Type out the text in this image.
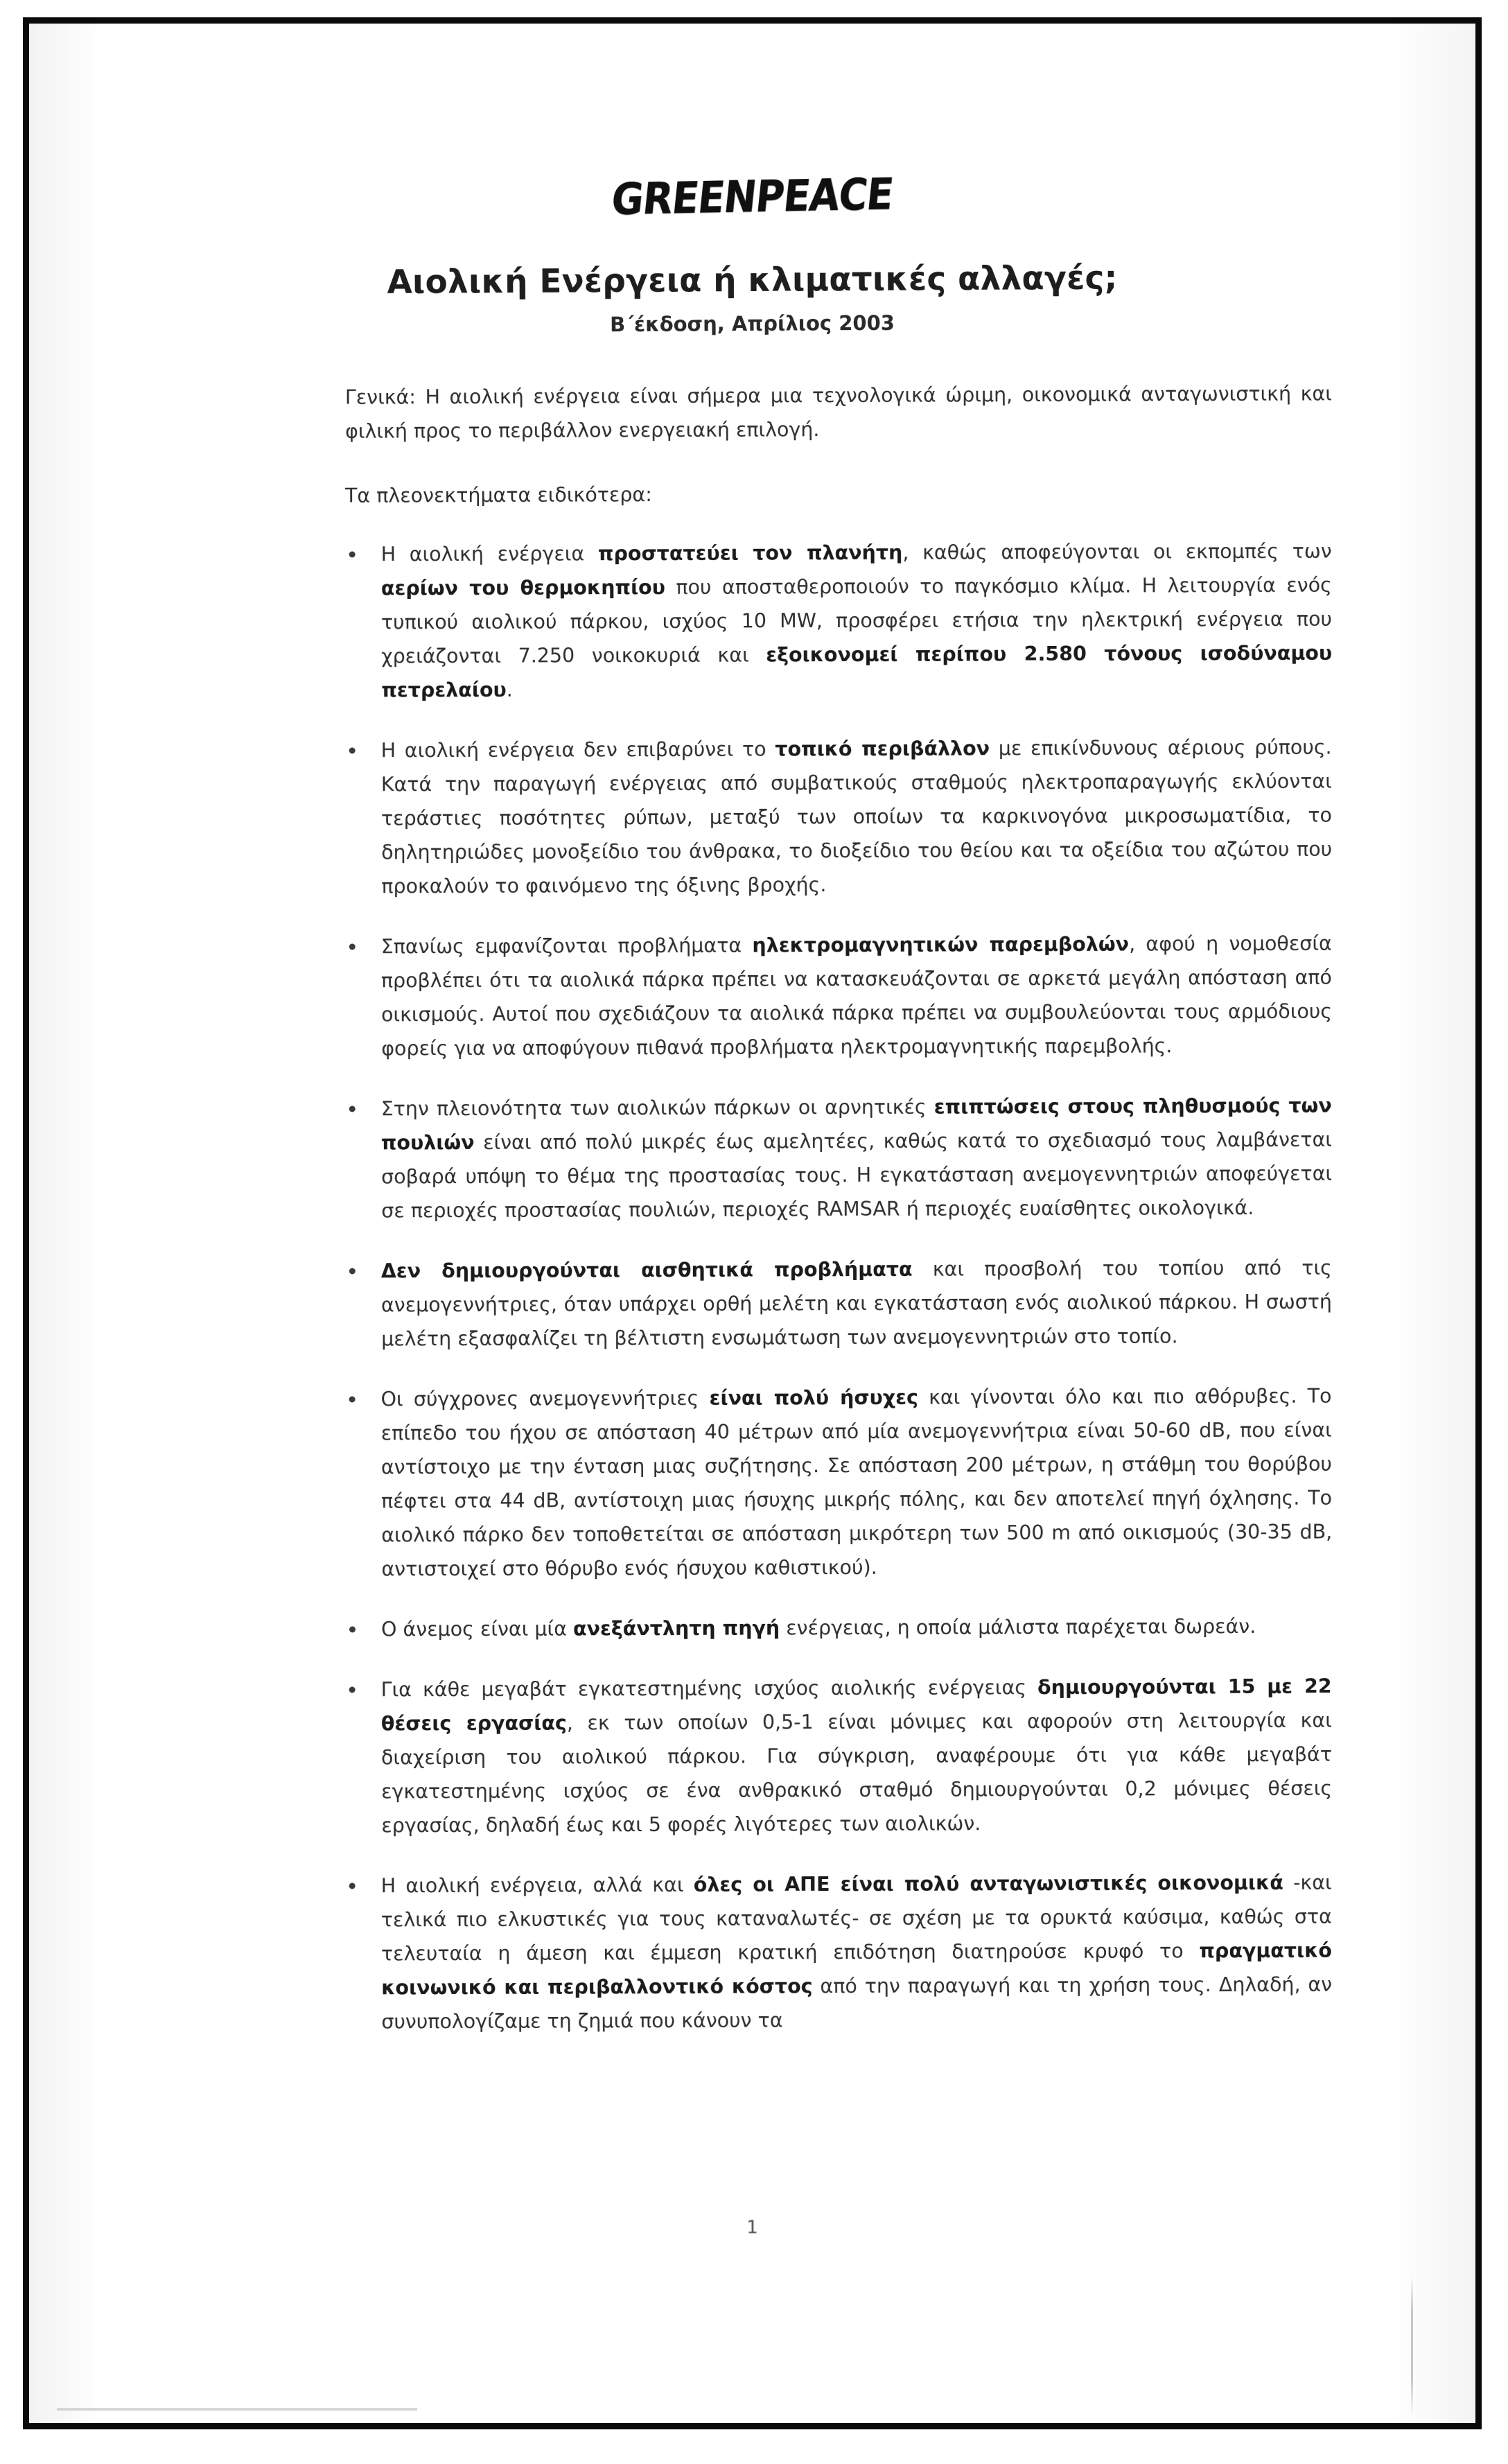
GREENPEACE
Αιολική Ενέργεια ή κλιματικές αλλαγές;
Β΄έκδοση, Απρίλιος 2003

Γενικά: Η αιολική ενέργεια είναι σήμερα μια τεχνολογικά ώριμη, οικονομικά ανταγωνιστική και φιλική προς το περιβάλλον ενεργειακή επιλογή.

Τα πλεονεκτήματα ειδικότερα:

Η αιολική ενέργεια προστατεύει τον πλανήτη, καθώς αποφεύγονται οι εκπομπές των αερίων του θερμοκηπίου που αποσταθεροποιούν το παγκόσμιο κλίμα. Η λειτουργία ενός τυπικού αιολικού πάρκου, ισχύος 10 MW, προσφέρει ετήσια την ηλεκτρική ενέργεια που χρειάζονται 7.250 νοικοκυριά και εξοικονομεί περίπου 2.580 τόνους ισοδύναμου πετρελαίου.
Η αιολική ενέργεια δεν επιβαρύνει το τοπικό περιβάλλον με επικίνδυνους αέριους ρύπους. Κατά την παραγωγή ενέργειας από συμβατικούς σταθμούς ηλεκτροπαραγωγής εκλύονται τεράστιες ποσότητες ρύπων, μεταξύ των οποίων τα καρκινογόνα μικροσωματίδια, το δηλητηριώδες μονοξείδιο του άνθρακα, το διοξείδιο του θείου και τα οξείδια του αζώτου που προκαλούν το φαινόμενο της όξινης βροχής.
Σπανίως εμφανίζονται προβλήματα ηλεκτρομαγνητικών παρεμβολών, αφού η νομοθεσία προβλέπει ότι τα αιολικά πάρκα πρέπει να κατασκευάζονται σε αρκετά μεγάλη απόσταση από οικισμούς. Αυτοί που σχεδιάζουν τα αιολικά πάρκα πρέπει να συμβουλεύονται τους αρμόδιους φορείς για να αποφύγουν πιθανά προβλήματα ηλεκτρομαγνητικής παρεμβολής.
Στην πλειονότητα των αιολικών πάρκων οι αρνητικές επιπτώσεις στους πληθυσμούς των πουλιών είναι από πολύ μικρές έως αμελητέες, καθώς κατά το σχεδιασμό τους λαμβάνεται σοβαρά υπόψη το θέμα της προστασίας τους. Η εγκατάσταση ανεμογεννητριών αποφεύγεται σε περιοχές προστασίας πουλιών, περιοχές RAMSAR ή περιοχές ευαίσθητες οικολογικά.
Δεν δημιουργούνται αισθητικά προβλήματα και προσβολή του τοπίου από τις ανεμογεννήτριες, όταν υπάρχει ορθή μελέτη και εγκατάσταση ενός αιολικού πάρκου. Η σωστή μελέτη εξασφαλίζει τη βέλτιστη ενσωμάτωση των ανεμογεννητριών στο τοπίο.
Οι σύγχρονες ανεμογεννήτριες είναι πολύ ήσυχες και γίνονται όλο και πιο αθόρυβες. Το επίπεδο του ήχου σε απόσταση 40 μέτρων από μία ανεμογεννήτρια είναι 50-60 dB, που είναι αντίστοιχο με την ένταση μιας συζήτησης. Σε απόσταση 200 μέτρων, η στάθμη του θορύβου πέφτει στα 44 dB, αντίστοιχη μιας ήσυχης μικρής πόλης, και δεν αποτελεί πηγή όχλησης. Το αιολικό πάρκο δεν τοποθετείται σε απόσταση μικρότερη των 500 m από οικισμούς (30-35 dB, αντιστοιχεί στο θόρυβο ενός ήσυχου καθιστικού).
Ο άνεμος είναι μία ανεξάντλητη πηγή ενέργειας, η οποία μάλιστα παρέχεται δωρεάν.
Για κάθε μεγαβάτ εγκατεστημένης ισχύος αιολικής ενέργειας δημιουργούνται 15 με 22 θέσεις εργασίας, εκ των οποίων 0,5-1 είναι μόνιμες και αφορούν στη λειτουργία και διαχείριση του αιολικού πάρκου. Για σύγκριση, αναφέρουμε ότι για κάθε μεγαβάτ εγκατεστημένης ισχύος σε ένα ανθρακικό σταθμό δημιουργούνται 0,2 μόνιμες θέσεις εργασίας, δηλαδή έως και 5 φορές λιγότερες των αιολικών.
Η αιολική ενέργεια, αλλά και όλες οι ΑΠΕ είναι πολύ ανταγωνιστικές οικονομικά -και τελικά πιο ελκυστικές για τους καταναλωτές- σε σχέση με τα ορυκτά καύσιμα, καθώς στα τελευταία η άμεση και έμμεση κρατική επιδότηση διατηρούσε κρυφό το πραγματικό κοινωνικό και περιβαλλοντικό κόστος από την παραγωγή και τη χρήση τους. Δηλαδή, αν συνυπολογίζαμε τη ζημιά που κάνουν τα
1
